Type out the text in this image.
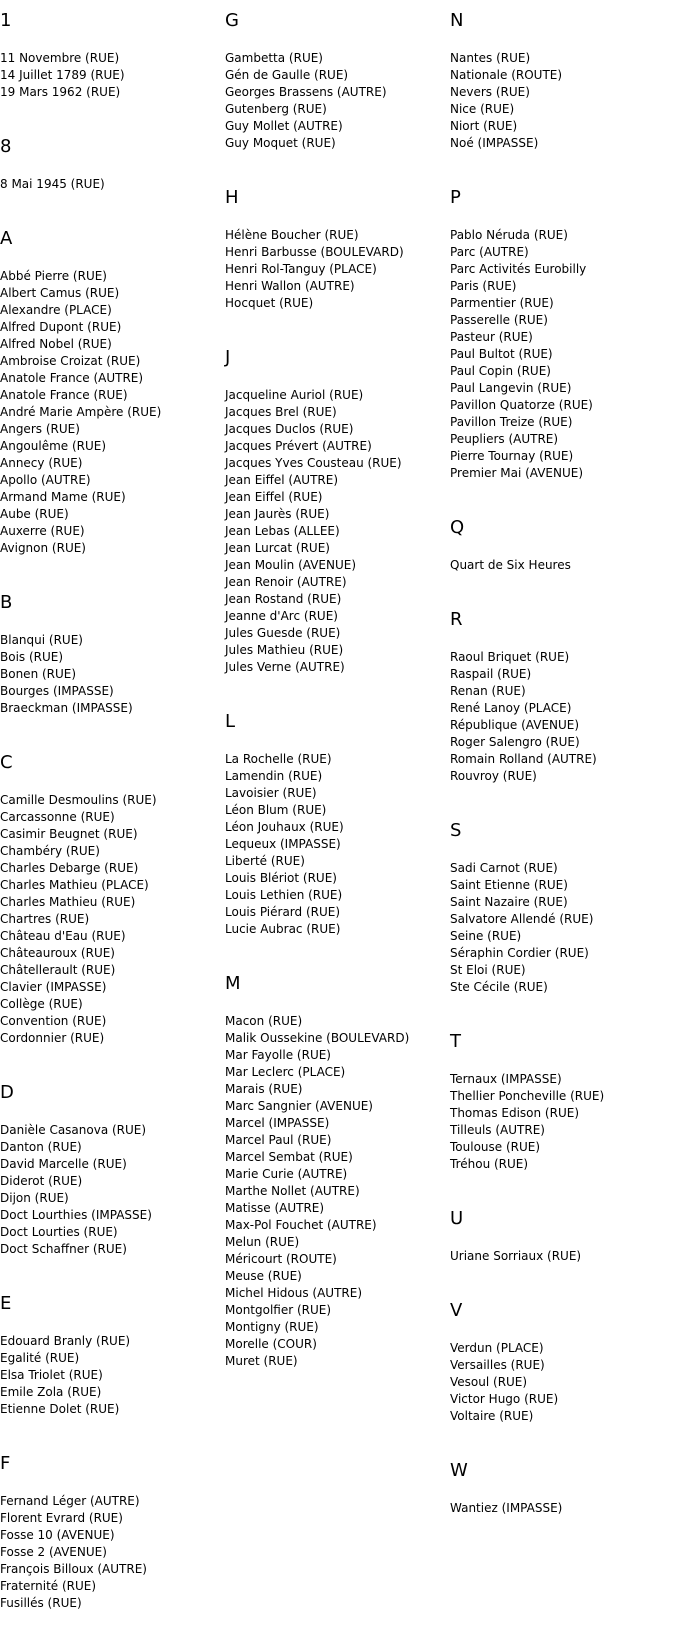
1
11 Novembre (RUE)
14 Juillet 1789 (RUE)
19 Mars 1962 (RUE)
8
8 Mai 1945 (RUE)
A
Abbé Pierre (RUE)
Albert Camus (RUE)
Alexandre (PLACE)
Alfred Dupont (RUE)
Alfred Nobel (RUE)
Ambroise Croizat (RUE)
Anatole France (AUTRE)
Anatole France (RUE)
André Marie Ampère (RUE)
Angers (RUE)
Angoulême (RUE)
Annecy (RUE)
Apollo (AUTRE)
Armand Mame (RUE)
Aube (RUE)
Auxerre (RUE)
Avignon (RUE)
B
Blanqui (RUE)
Bois (RUE)
Bonen (RUE)
Bourges (IMPASSE)
Braeckman (IMPASSE)
C
Camille Desmoulins (RUE)
Carcassonne (RUE)
Casimir Beugnet (RUE)
Chambéry (RUE)
Charles Debarge (RUE)
Charles Mathieu (PLACE)
Charles Mathieu (RUE)
Chartres (RUE)
Château d'Eau (RUE)
Châteauroux (RUE)
Châtellerault (RUE)
Clavier (IMPASSE)
Collège (RUE)
Convention (RUE)
Cordonnier (RUE)
D
Danièle Casanova (RUE)
Danton (RUE)
David Marcelle (RUE)
Diderot (RUE)
Dijon (RUE)
Doct Lourthies (IMPASSE)
Doct Lourties (RUE)
Doct Schaffner (RUE)
E
Edouard Branly (RUE)
Egalité (RUE)
Elsa Triolet (RUE)
Emile Zola (RUE)
Etienne Dolet (RUE)
F
Fernand Léger (AUTRE)
Florent Evrard (RUE)
Fosse 10 (AVENUE)
Fosse 2 (AVENUE)
François Billoux (AUTRE)
Fraternité (RUE)
Fusillés (RUE)
G
Gambetta (RUE)
Gén de Gaulle (RUE)
Georges Brassens (AUTRE)
Gutenberg (RUE)
Guy Mollet (AUTRE)
Guy Moquet (RUE)
H
Hélène Boucher (RUE)
Henri Barbusse (BOULEVARD)
Henri Rol-Tanguy (PLACE)
Henri Wallon (AUTRE)
Hocquet (RUE)
J
Jacqueline Auriol (RUE)
Jacques Brel (RUE)
Jacques Duclos (RUE)
Jacques Prévert (AUTRE)
Jacques Yves Cousteau (RUE)
Jean Eiffel (AUTRE)
Jean Eiffel (RUE)
Jean Jaurès (RUE)
Jean Lebas (ALLEE)
Jean Lurcat (RUE)
Jean Moulin (AVENUE)
Jean Renoir (AUTRE)
Jean Rostand (RUE)
Jeanne d'Arc (RUE)
Jules Guesde (RUE)
Jules Mathieu (RUE)
Jules Verne (AUTRE)
L
La Rochelle (RUE)
Lamendin (RUE)
Lavoisier (RUE)
Léon Blum (RUE)
Léon Jouhaux (RUE)
Lequeux (IMPASSE)
Liberté (RUE)
Louis Blériot (RUE)
Louis Lethien (RUE)
Louis Piérard (RUE)
Lucie Aubrac (RUE)
M
Macon (RUE)
Malik Oussekine (BOULEVARD)
Mar Fayolle (RUE)
Mar Leclerc (PLACE)
Marais (RUE)
Marc Sangnier (AVENUE)
Marcel (IMPASSE)
Marcel Paul (RUE)
Marcel Sembat (RUE)
Marie Curie (AUTRE)
Marthe Nollet (AUTRE)
Matisse (AUTRE)
Max-Pol Fouchet (AUTRE)
Melun (RUE)
Méricourt (ROUTE)
Meuse (RUE)
Michel Hidous (AUTRE)
Montgolfier (RUE)
Montigny (RUE)
Morelle (COUR)
Muret (RUE)
N
Nantes (RUE)
Nationale (ROUTE)
Nevers (RUE)
Nice (RUE)
Niort (RUE)
Noé (IMPASSE)
P
Pablo Néruda (RUE)
Parc (AUTRE)
Parc Activités Eurobilly
Paris (RUE)
Parmentier (RUE)
Passerelle (RUE)
Pasteur (RUE)
Paul Bultot (RUE)
Paul Copin (RUE)
Paul Langevin (RUE)
Pavillon Quatorze (RUE)
Pavillon Treize (RUE)
Peupliers (AUTRE)
Pierre Tournay (RUE)
Premier Mai (AVENUE)
Q
Quart de Six Heures
R
Raoul Briquet (RUE)
Raspail (RUE)
Renan (RUE)
René Lanoy (PLACE)
République (AVENUE)
Roger Salengro (RUE)
Romain Rolland (AUTRE)
Rouvroy (RUE)
S
Sadi Carnot (RUE)
Saint Etienne (RUE)
Saint Nazaire (RUE)
Salvatore Allendé (RUE)
Seine (RUE)
Séraphin Cordier (RUE)
St Eloi (RUE)
Ste Cécile (RUE)
T
Ternaux (IMPASSE)
Thellier Poncheville (RUE)
Thomas Edison (RUE)
Tilleuls (AUTRE)
Toulouse (RUE)
Tréhou (RUE)
U
Uriane Sorriaux (RUE)
V
Verdun (PLACE)
Versailles (RUE)
Vesoul (RUE)
Victor Hugo (RUE)
Voltaire (RUE)
W
Wantiez (IMPASSE)
